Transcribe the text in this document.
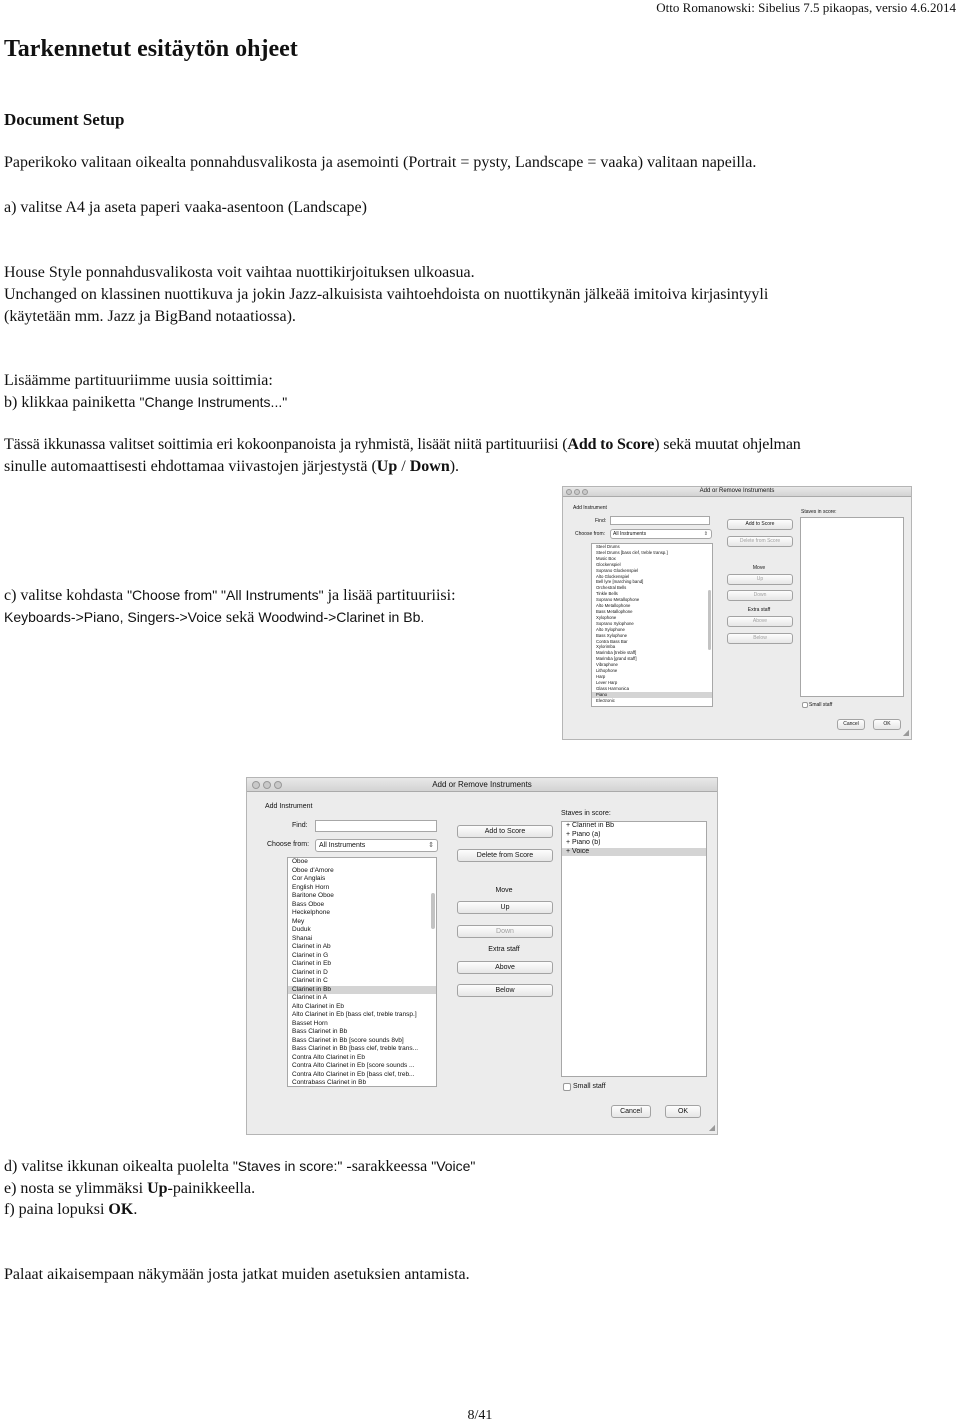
Otto Romanowski: Sibelius 7.5 pikaopas, versio 4.6.2014
Tarkennetut esitäytön ohjeet
Document Setup
Paperikoko valitaan oikealta ponnahdusvalikosta ja asemointi (Portrait = pysty, Landscape = vaaka) valitaan napeilla.
a) valitse A4 ja aseta paperi vaaka-asentoon (Landscape)
House Style ponnahdusvalikosta voit vaihtaa nuottikirjoituksen ulkoasua.
Unchanged on klassinen nuottikuva ja jokin Jazz-alkuisista vaihtoehdoista on nuottikynän jälkeää imitoiva kirjasintyyli
(käytetään mm. Jazz ja BigBand notaatiossa).
Lisäämme partituuriimme uusia soittimia:
b) klikkaa painiketta "Change Instruments..."
Tässä ikkunassa valitset soittimia eri kokoonpanoista ja ryhmistä, lisäät niitä partituuriisi (Add to Score) sekä muutat ohjelman
sinulle automaattisesti ehdottamaa viivastojen järjestystä (Up / Down).
c) valitse kohdasta "Choose from" "All Instruments" ja lisää partituuriisi:
Keyboards->Piano, Singers->Voice sekä Woodwind->Clarinet in Bb.
Add or Remove Instruments
Add Instrument
Find:
Choose from:	All Instruments	⇕
Steel Drums
Steel Drums [bass clef, treble transp.]
Music Box
Glockenspiel
Soprano Glockenspiel
Alto Glockenspiel
Bell lyre [marching band]
Orchestral Bells
Tinkle Bells
Soprano Metallophone
Alto Metallophone
Bass Metallophone
Xylophone
Soprano Xylophone
Alto Xylophone
Bass Xylophone
Contra Bass Bar
Xylorimba
Marimba [treble staff]
Marimba [grand staff]
Vibraphone
Lithophone
Harp
Lever Harp
Glass Harmonica
Piano
Electronic
Add to Score
Delete from Score
Move
Up
Down
Extra staff
Above
Below
Staves in score:
Small staff
Cancel	OK
◢
Add or Remove Instruments
Add Instrument
Find:
Choose from:	All Instruments	⇕
Oboe
Oboe d'Amore
Cor Anglais
English Horn
Baritone Oboe
Bass Oboe
Heckelphone
Mey
Duduk
Shanai
Clarinet in Ab
Clarinet in G
Clarinet in Eb
Clarinet in D
Clarinet in C
Clarinet in Bb
Clarinet in A
Alto Clarinet in Eb
Alto Clarinet in Eb [bass clef, treble transp.]
Basset Horn
Bass Clarinet in Bb
Bass Clarinet in Bb [score sounds 8vb]
Bass Clarinet in Bb [bass clef, treble trans...
Contra Alto Clarinet in Eb
Contra Alto Clarinet in Eb [score sounds ...
Contra Alto Clarinet in Eb [bass clef, treb...
Contrabass Clarinet in Bb
Add to Score
Delete from Score
Move
Up
Down
Extra staff
Above
Below
Staves in score:
+ Clarinet in Bb
+ Piano (a)
+ Piano (b)
+ Voice
Small staff
Cancel	OK
◢
d) valitse ikkunan oikealta puolelta "Staves in score:" -sarakkeessa "Voice"
e) nosta se ylimmäksi Up-painikkeella.
f) paina lopuksi OK.
Palaat aikaisempaan näkymään josta jatkat muiden asetuksien antamista.
8/41
